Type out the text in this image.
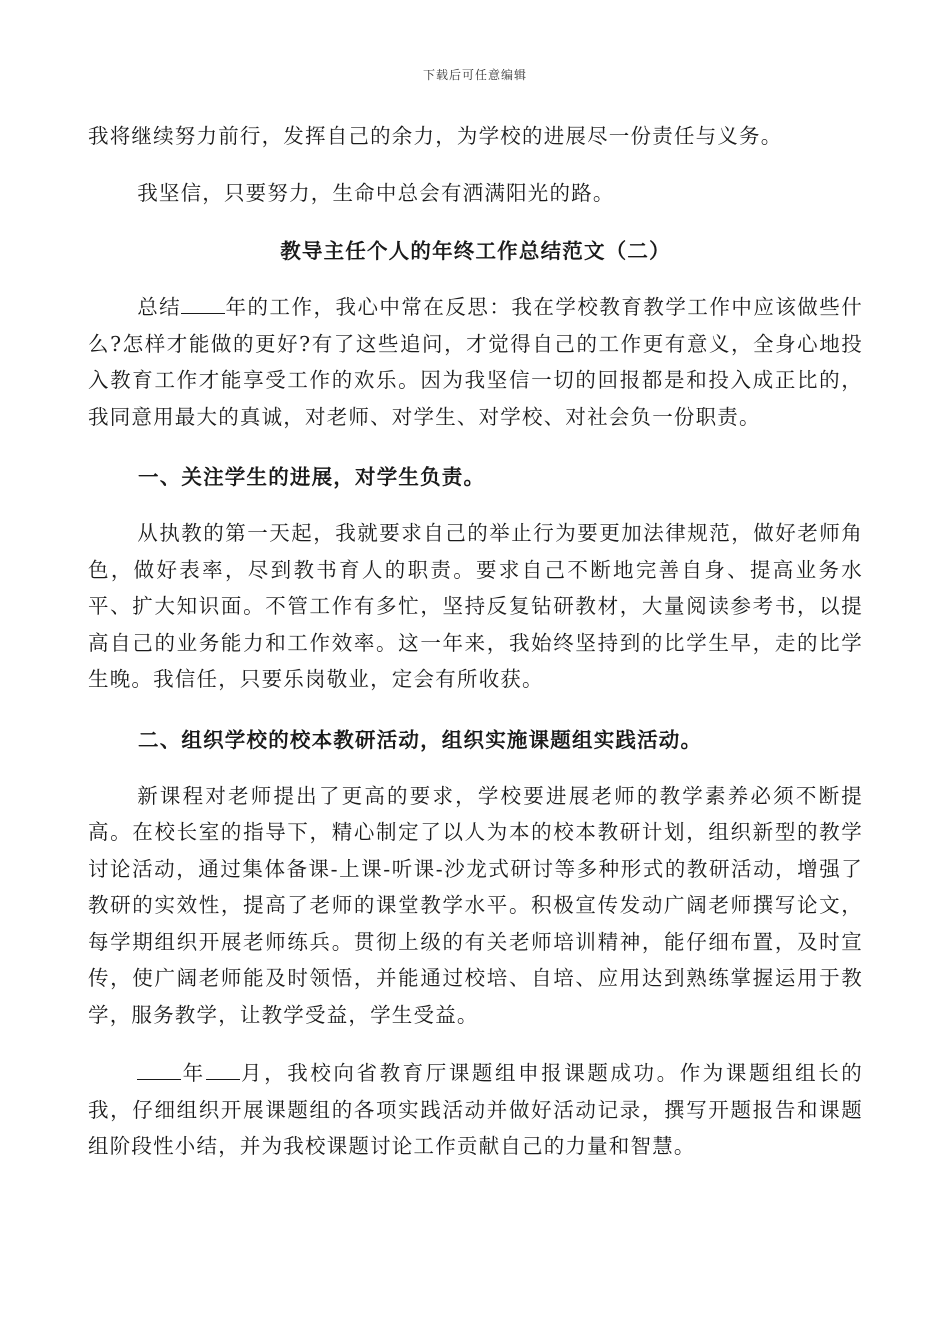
下载后可任意编辑

我将继续努力前行，发挥自己的余力，为学校的进展尽一份责任与义务。

我坚信，只要努力，生命中总会有洒满阳光的路。

教导主任个人的年终工作总结范文（二）

总结 年的工作，我心中常在反思：我在学校教育教学工作中应该做些什么?怎样才能做的更好?有了这些追问，才觉得自己的工作更有意义，全身心地投入教育工作才能享受工作的欢乐。因为我坚信一切的回报都是和投入成正比的，我同意用最大的真诚，对老师、对学生、对学校、对社会负一份职责。

一、关注学生的进展，对学生负责。

从执教的第一天起，我就要求自己的举止行为要更加法律规范，做好老师角色，做好表率，尽到教书育人的职责。要求自己不断地完善自身、提高业务水平、扩大知识面。不管工作有多忙，坚持反复钻研教材，大量阅读参考书，以提高自己的业务能力和工作效率。这一年来，我始终坚持到的比学生早，走的比学生晚。我信任，只要乐岗敬业，定会有所收获。

二、组织学校的校本教研活动，组织实施课题组实践活动。

新课程对老师提出了更高的要求，学校要进展老师的教学素养必须不断提高。在校长室的指导下，精心制定了以人为本的校本教研计划，组织新型的教学讨论活动，通过集体备课-上课-听课-沙龙式研讨等多种形式的教研活动，增强了教研的实效性，提高了老师的课堂教学水平。积极宣传发动广阔老师撰写论文，每学期组织开展老师练兵。贯彻上级的有关老师培训精神，能仔细布置，及时宣传，使广阔老师能及时领悟，并能通过校培、自培、应用达到熟练掌握运用于教学，服务教学，让教学受益，学生受益。

年 月，我校向省教育厅课题组申报课题成功。作为课题组组长的我，仔细组织开展课题组的各项实践活动并做好活动记录，撰写开题报告和课题组阶段性小结，并为我校课题讨论工作贡献自己的力量和智慧。
